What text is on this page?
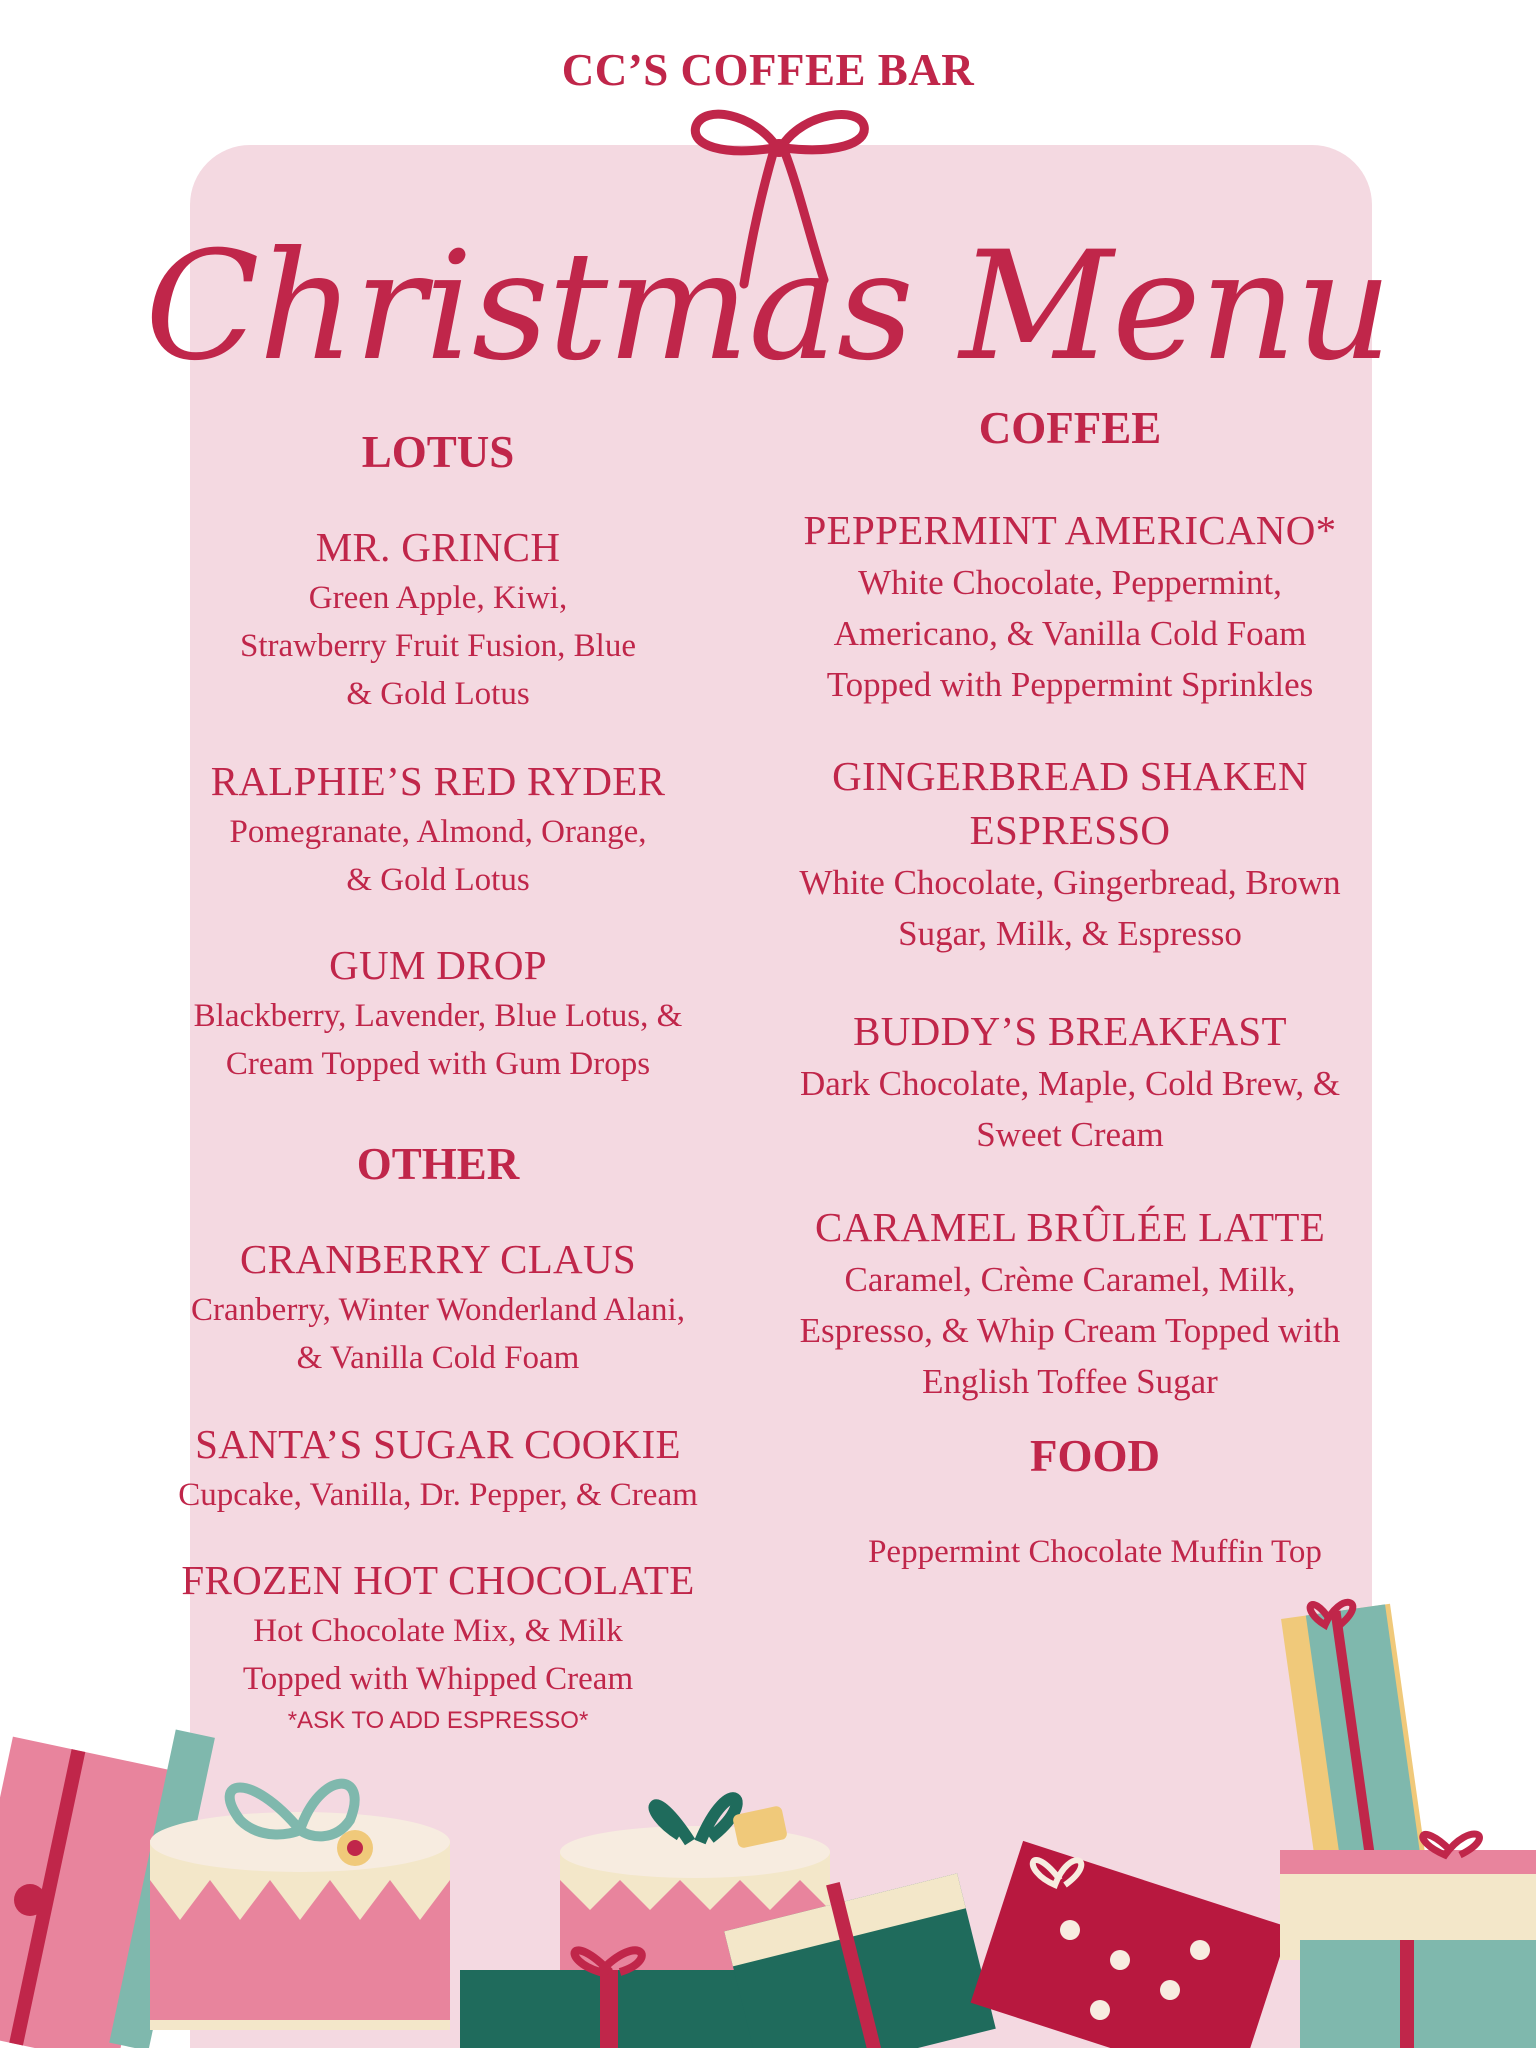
CC’S COFFEE BAR
Christmas Menu
LOTUS
MR. GRINCH
Green Apple, Kiwi,
Strawberry Fruit Fusion, Blue
& Gold Lotus
RALPHIE’S RED RYDER
Pomegranate, Almond, Orange,
& Gold Lotus
GUM DROP
Blackberry, Lavender, Blue Lotus, &
Cream Topped with Gum Drops
OTHER
CRANBERRY CLAUS
Cranberry, Winter Wonderland Alani,
& Vanilla Cold Foam
SANTA’S SUGAR COOKIE
Cupcake, Vanilla, Dr. Pepper, & Cream
FROZEN HOT CHOCOLATE
Hot Chocolate Mix, & Milk
Topped with Whipped Cream
*ASK TO ADD ESPRESSO*
COFFEE
PEPPERMINT AMERICANO*
White Chocolate, Peppermint,
Americano, & Vanilla Cold Foam
Topped with Peppermint Sprinkles
GINGERBREAD SHAKEN
ESPRESSO
White Chocolate, Gingerbread, Brown
Sugar, Milk, & Espresso
BUDDY’S BREAKFAST
Dark Chocolate, Maple, Cold Brew, &
Sweet Cream
CARAMEL BRÛLÉE LATTE
Caramel, Crème Caramel, Milk,
Espresso, & Whip Cream Topped with
English Toffee Sugar
FOOD
Peppermint Chocolate Muffin Top
